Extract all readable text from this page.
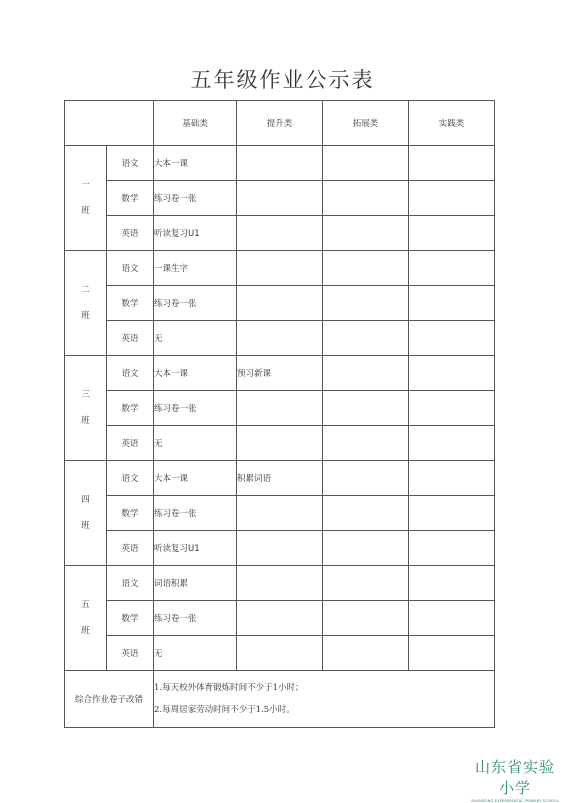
五年级作业公示表
		基础类	提升类	拓展类	实践类

一班	语文	大本一课			
	数学	练习卷一张			
	英语	听读复习U1			

二班	语文	一课生字			
	数学	练习卷一张			
	英语	无			

三班	语文	大本一课	预习新课		
	数学	练习卷一张			
	英语	无			

四班	语文	大本一课	积累词语		
	数学	练习卷一张			
	英语	听读复习U1			

五班	语文	词语积累			
	数学	练习卷一张			
	英语	无			
综合作业卷子改错		1.每天校外体育锻炼时间不少于1小时；
2.每周居家劳动时间不少于1.5小时。			
山东省实验小学
SHANDONG EXPERIMENTAL PRIMARY SCHOOL
